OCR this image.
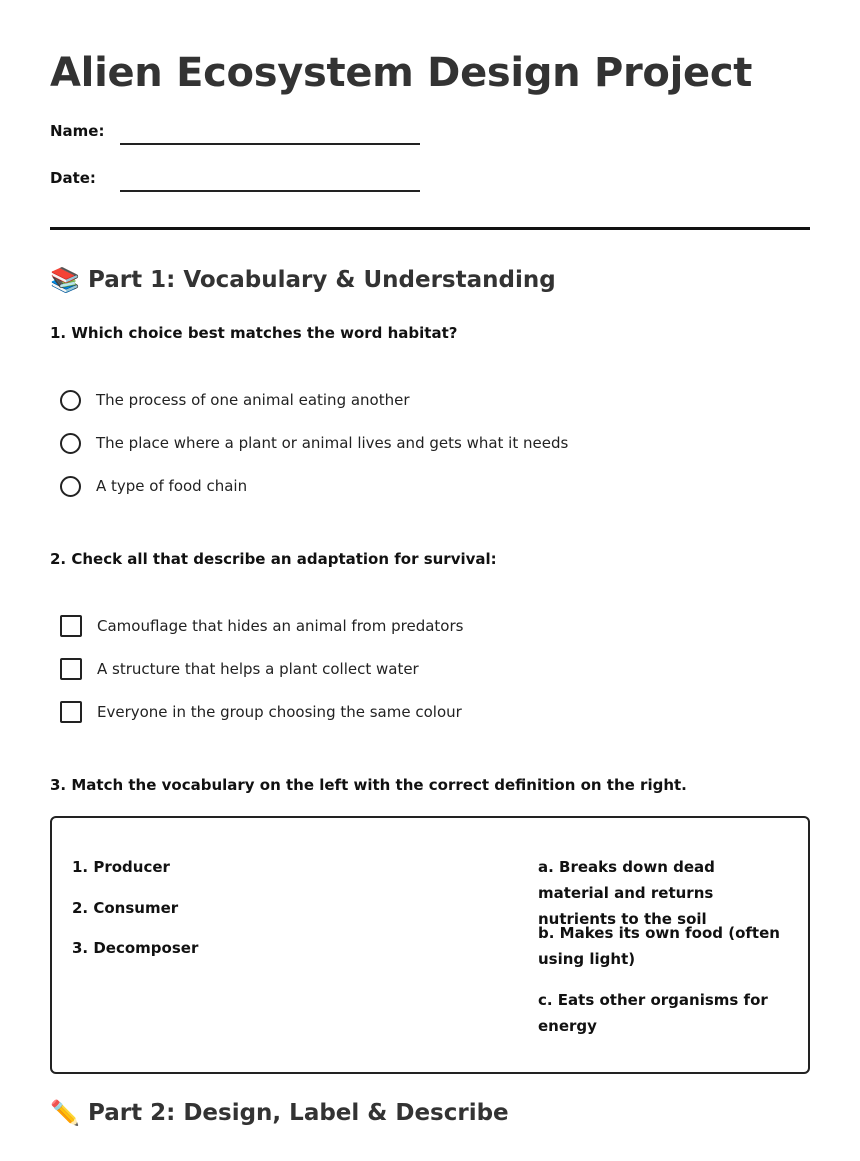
Alien Ecosystem Design Project
Name:
Date:
📚 Part 1: Vocabulary & Understanding
1. Which choice best matches the word habitat?
The process of one animal eating another
The place where a plant or animal lives and gets what it needs
A type of food chain
2. Check all that describe an adaptation for survival:
Camouflage that hides an animal from predators
A structure that helps a plant collect water
Everyone in the group choosing the same colour
3. Match the vocabulary on the left with the correct definition on the right.
1. Producer
2. Consumer
3. Decomposer
a. Breaks down dead material and returns nutrients to the soil
b. Makes its own food (often using light)
c. Eats other organisms for energy
✏️ Part 2: Design, Label & Describe
